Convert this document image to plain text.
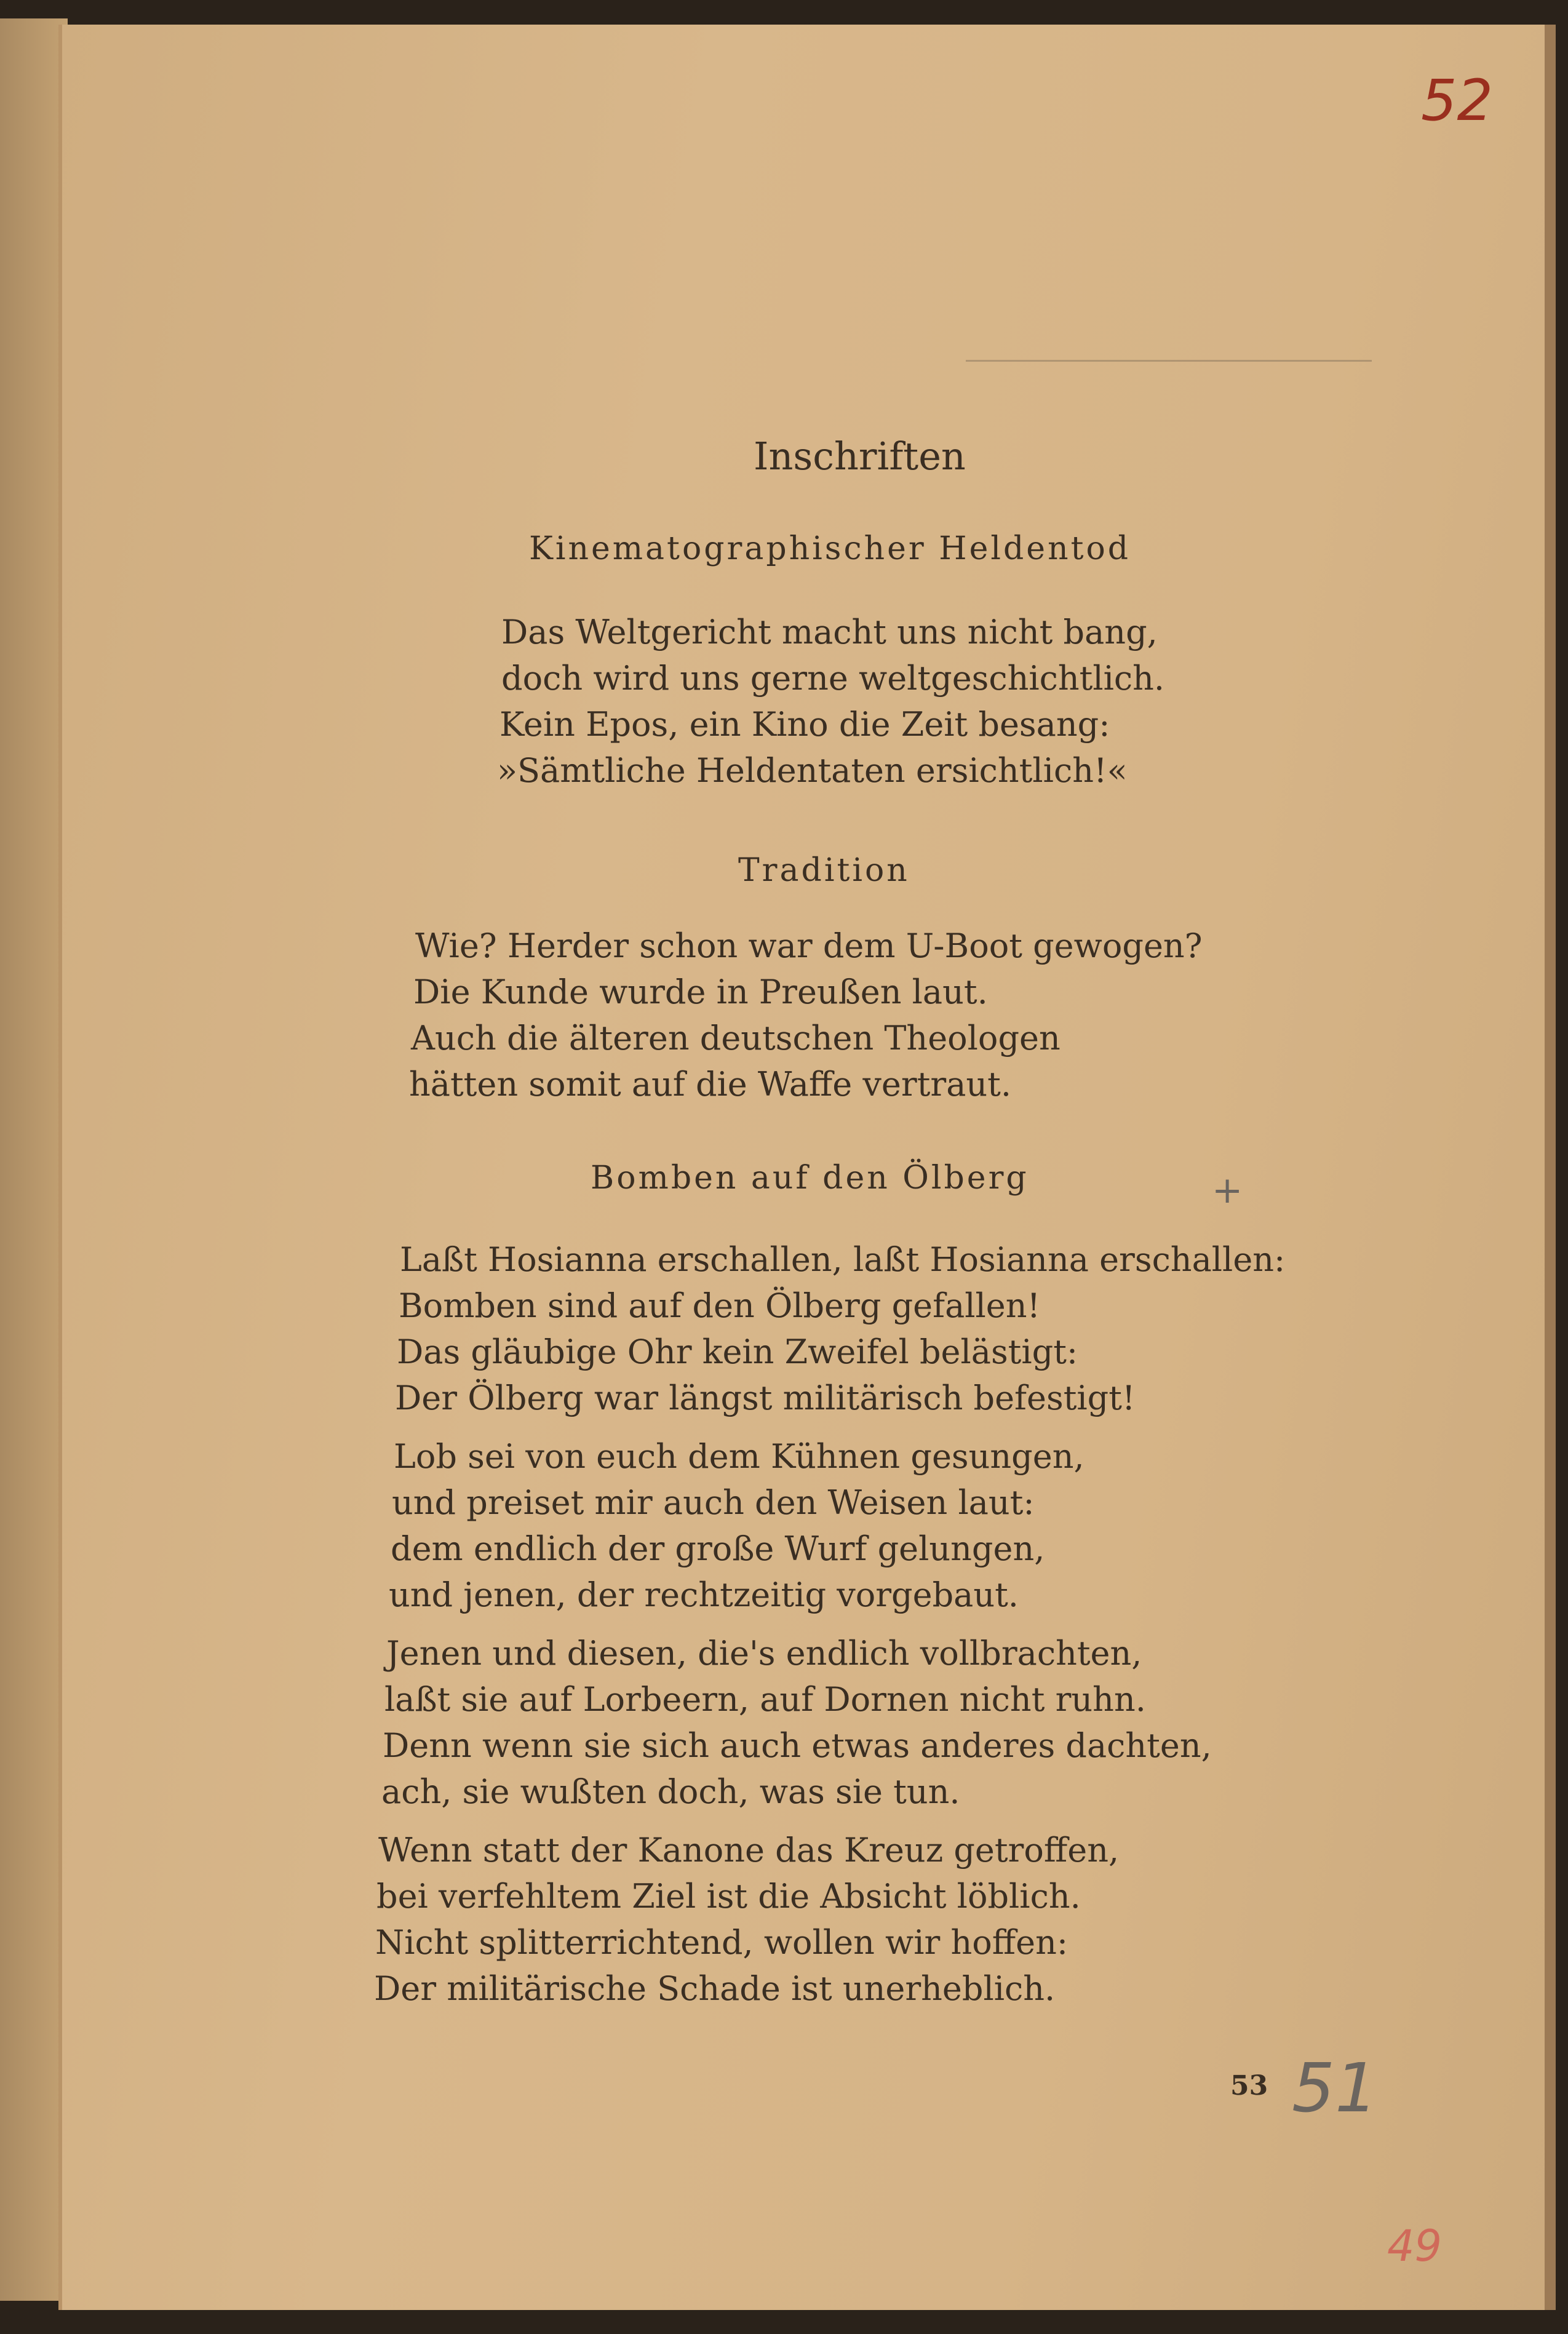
52
Inschriften
Kinematographischer Heldentod
Das Weltgericht macht uns nicht bang,
doch wird uns gerne weltgeschichtlich.
Kein Epos, ein Kino die Zeit besang:
»Sämtliche Heldentaten ersichtlich!«
Tradition
Wie? Herder schon war dem U-Boot gewogen?
Die Kunde wurde in Preußen laut.
Auch die älteren deutschen Theologen
hätten somit auf die Waffe vertraut.
Bomben auf den Ölberg	+
Laßt Hosianna erschallen, laßt Hosianna erschallen:
Bomben sind auf den Ölberg gefallen!
Das gläubige Ohr kein Zweifel belästigt:
Der Ölberg war längst militärisch befestigt!
Lob sei von euch dem Kühnen gesungen,
und preiset mir auch den Weisen laut:
dem endlich der große Wurf gelungen,
und jenen, der rechtzeitig vorgebaut.
Jenen und diesen, die's endlich vollbrachten,
laßt sie auf Lorbeern, auf Dornen nicht ruhn.
Denn wenn sie sich auch etwas anderes dachten,
ach, sie wußten doch, was sie tun.
Wenn statt der Kanone das Kreuz getroffen,
bei verfehltem Ziel ist die Absicht löblich.
Nicht splitterrichtend, wollen wir hoffen:
Der militärische Schade ist unerheblich.
53 51
49
